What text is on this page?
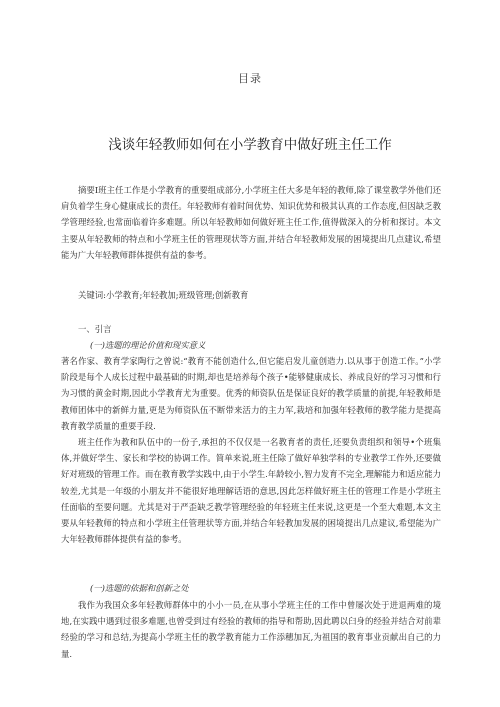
目录
浅谈年轻教师如何在小学教育中做好班主任工作

摘要I班主任工作是小学教育的重要组成部分,小学班主任大多是年轻的教师,除了课堂教学外他们还肩负着学生身心健康成长的责任。年轻教师有着时间优势、知识优势和极其认真的工作态度,但因缺乏教学管理经验,也常面临着许多难题。所以年轻教师如何做好班主任工作,值得做深入的分析和探讨。本文主要从年轻教师的特点和小学班主任的管理现状等方面,并结合年轻教师发展的困境提出几点建议,希望能为广大年轻教师群体提供有益的参考。

关键词:小学教育;年轻教加;班级管理;创新教育

一、引言

(一)选题的理论价值和现实意义

著名作家、教育学家陶行之曾说:“教育不能创造什么,但它能启发儿童创造力.以从事于创造工作。”小学阶段是每个人成长过程中最基础的时期,却也是培养每个孩子•能够健康成长、养成良好的学习习惯和行为习惯的黄金时期,因此小学教育尤为重要。优秀的师资队伍是保证良好的教学质量的前提,年轻教师是教师团体中的新鲜力量,更是为师资队伍不断带来活力的主力军,栽培和加强年轻教师的教学能力是提高教育教学质量的重要手段.

班主任作为教和队伍中的一份子,承担的不仅仅是一名教育者的责任,还要负责组织和领导•个班集体,并做好学生、家长和学校的协调工作。简单来说,班主任除了做好单独学科的专业教学工作外,还要做好对班级的管理工作。而在教育教学实践中,由于小学生.年龄较小,智力发育不完全,理解能力和适应能力较差,尤其是一年级的小朋友并不能很好地理解话语的意思,因此怎样做好班主任的管理工作是小学班主任面临的至要问题。尤其是对于严歪缺乏教学管理经验的年轻班主任来说,这更是一个至大难题,本文主要从年轻教师的特点和小学班主任管理状等方面,并结合年轻教加发展的困境提出几点建议,希望能为广大年轻教师群体提供有益的参考。

(一)选题的依据和创新之处

我作为我国众多年轻教师群体中的小小一员,在从事小学班主任的工作中曾屡次处于进退两难的境地,在实践中遇到过很多难题,也曾受到过有经验的教师的指导和帮助,因此聘以臼身的经验并结合对前辈经验的学习和总结,为提高小学班主任的教学教育能力工作添穗加瓦,为祖国的教育事业贡献出自己的力量.
